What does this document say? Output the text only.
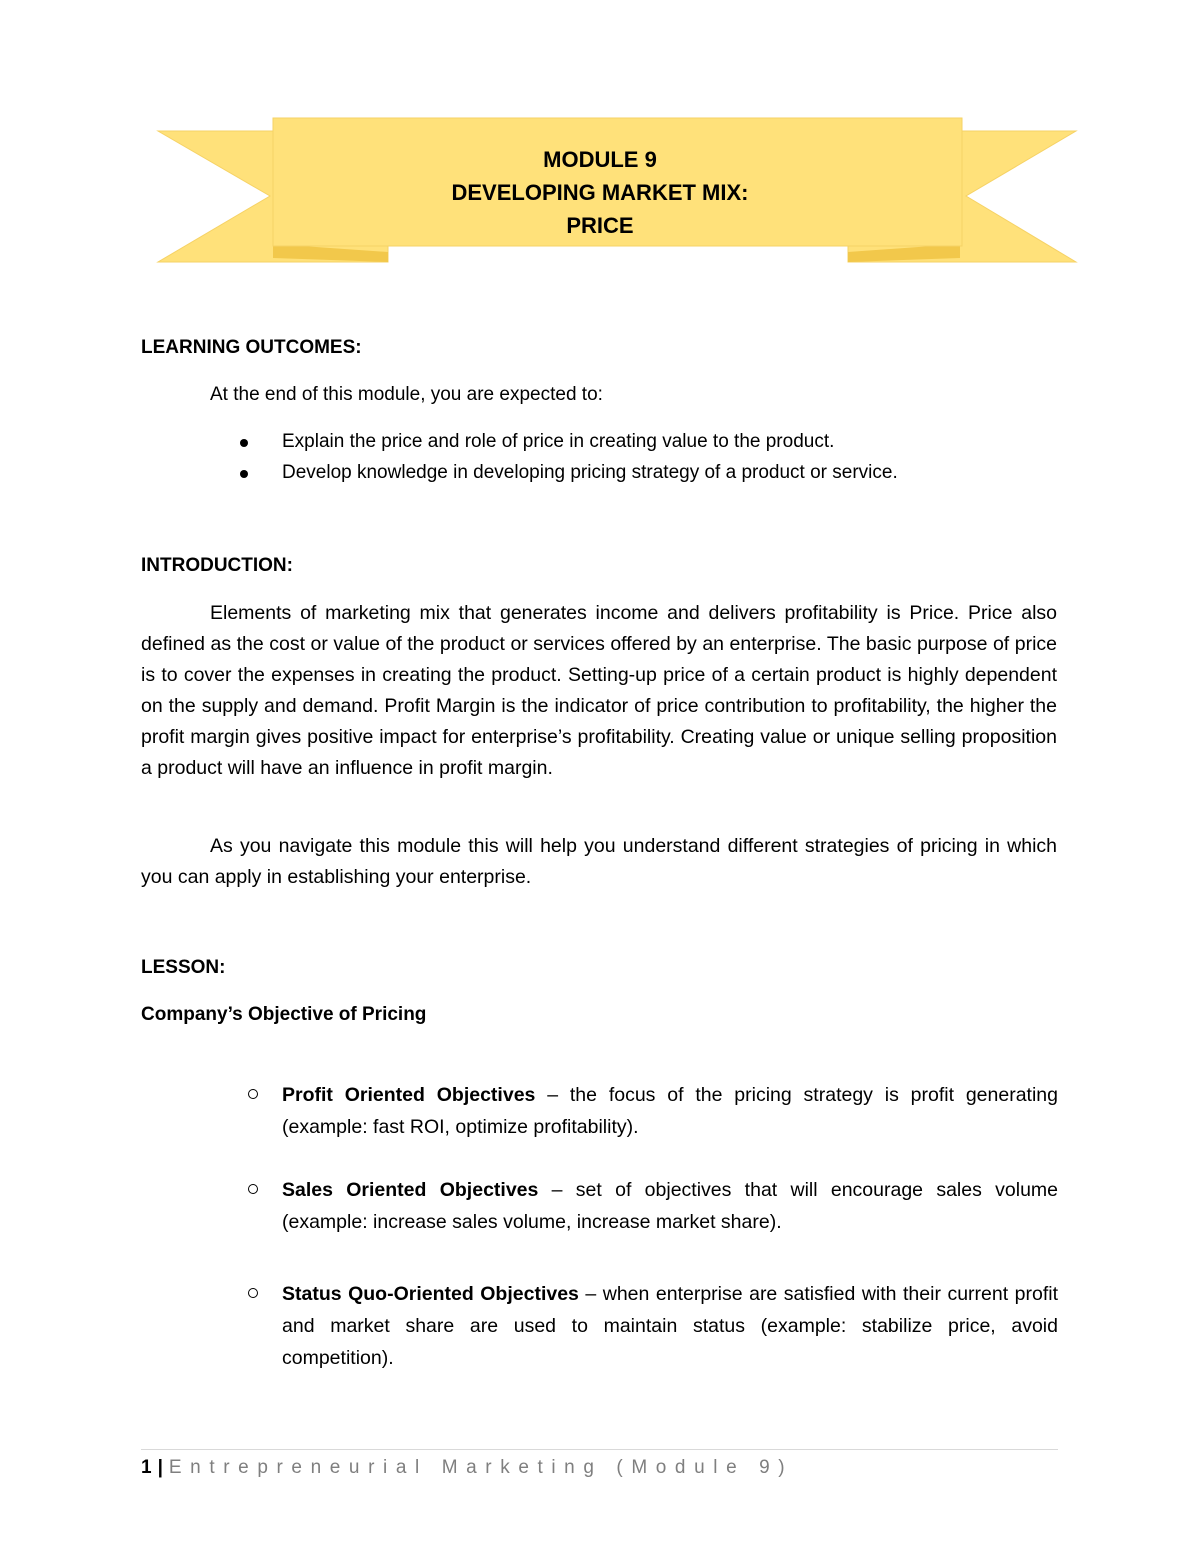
MODULE 9
DEVELOPING MARKET MIX:
PRICE
LEARNING OUTCOMES:
At the end of this module, you are expected to:
Explain the price and role of price in creating value to the product.
Develop knowledge in developing pricing strategy of a product or service.
INTRODUCTION:
Elements of marketing mix that generates income and delivers profitability is Price. Price also defined as the cost or value of the product or services offered by an enterprise. The basic purpose of price is to cover the expenses in creating the product. Setting-up price of a certain product is highly dependent on the supply and demand. Profit Margin is the indicator of price contribution to profitability, the higher the profit margin gives positive impact for enterprise’s profitability. Creating value or unique selling proposition a product will have an influence in profit margin.
As you navigate this module this will help you understand different strategies of pricing in which you can apply in establishing your enterprise.
LESSON:
Company’s Objective of Pricing
Profit Oriented Objectives – the focus of the pricing strategy is profit generating (example: fast ROI, optimize profitability).
Sales Oriented Objectives – set of objectives that will encourage sales volume (example: increase sales volume, increase market share).
Status Quo-Oriented Objectives – when enterprise are satisfied with their current profit and market share are used to maintain status (example: stabilize price, avoid competition).
1 | Entrepreneurial Marketing (Module 9)
